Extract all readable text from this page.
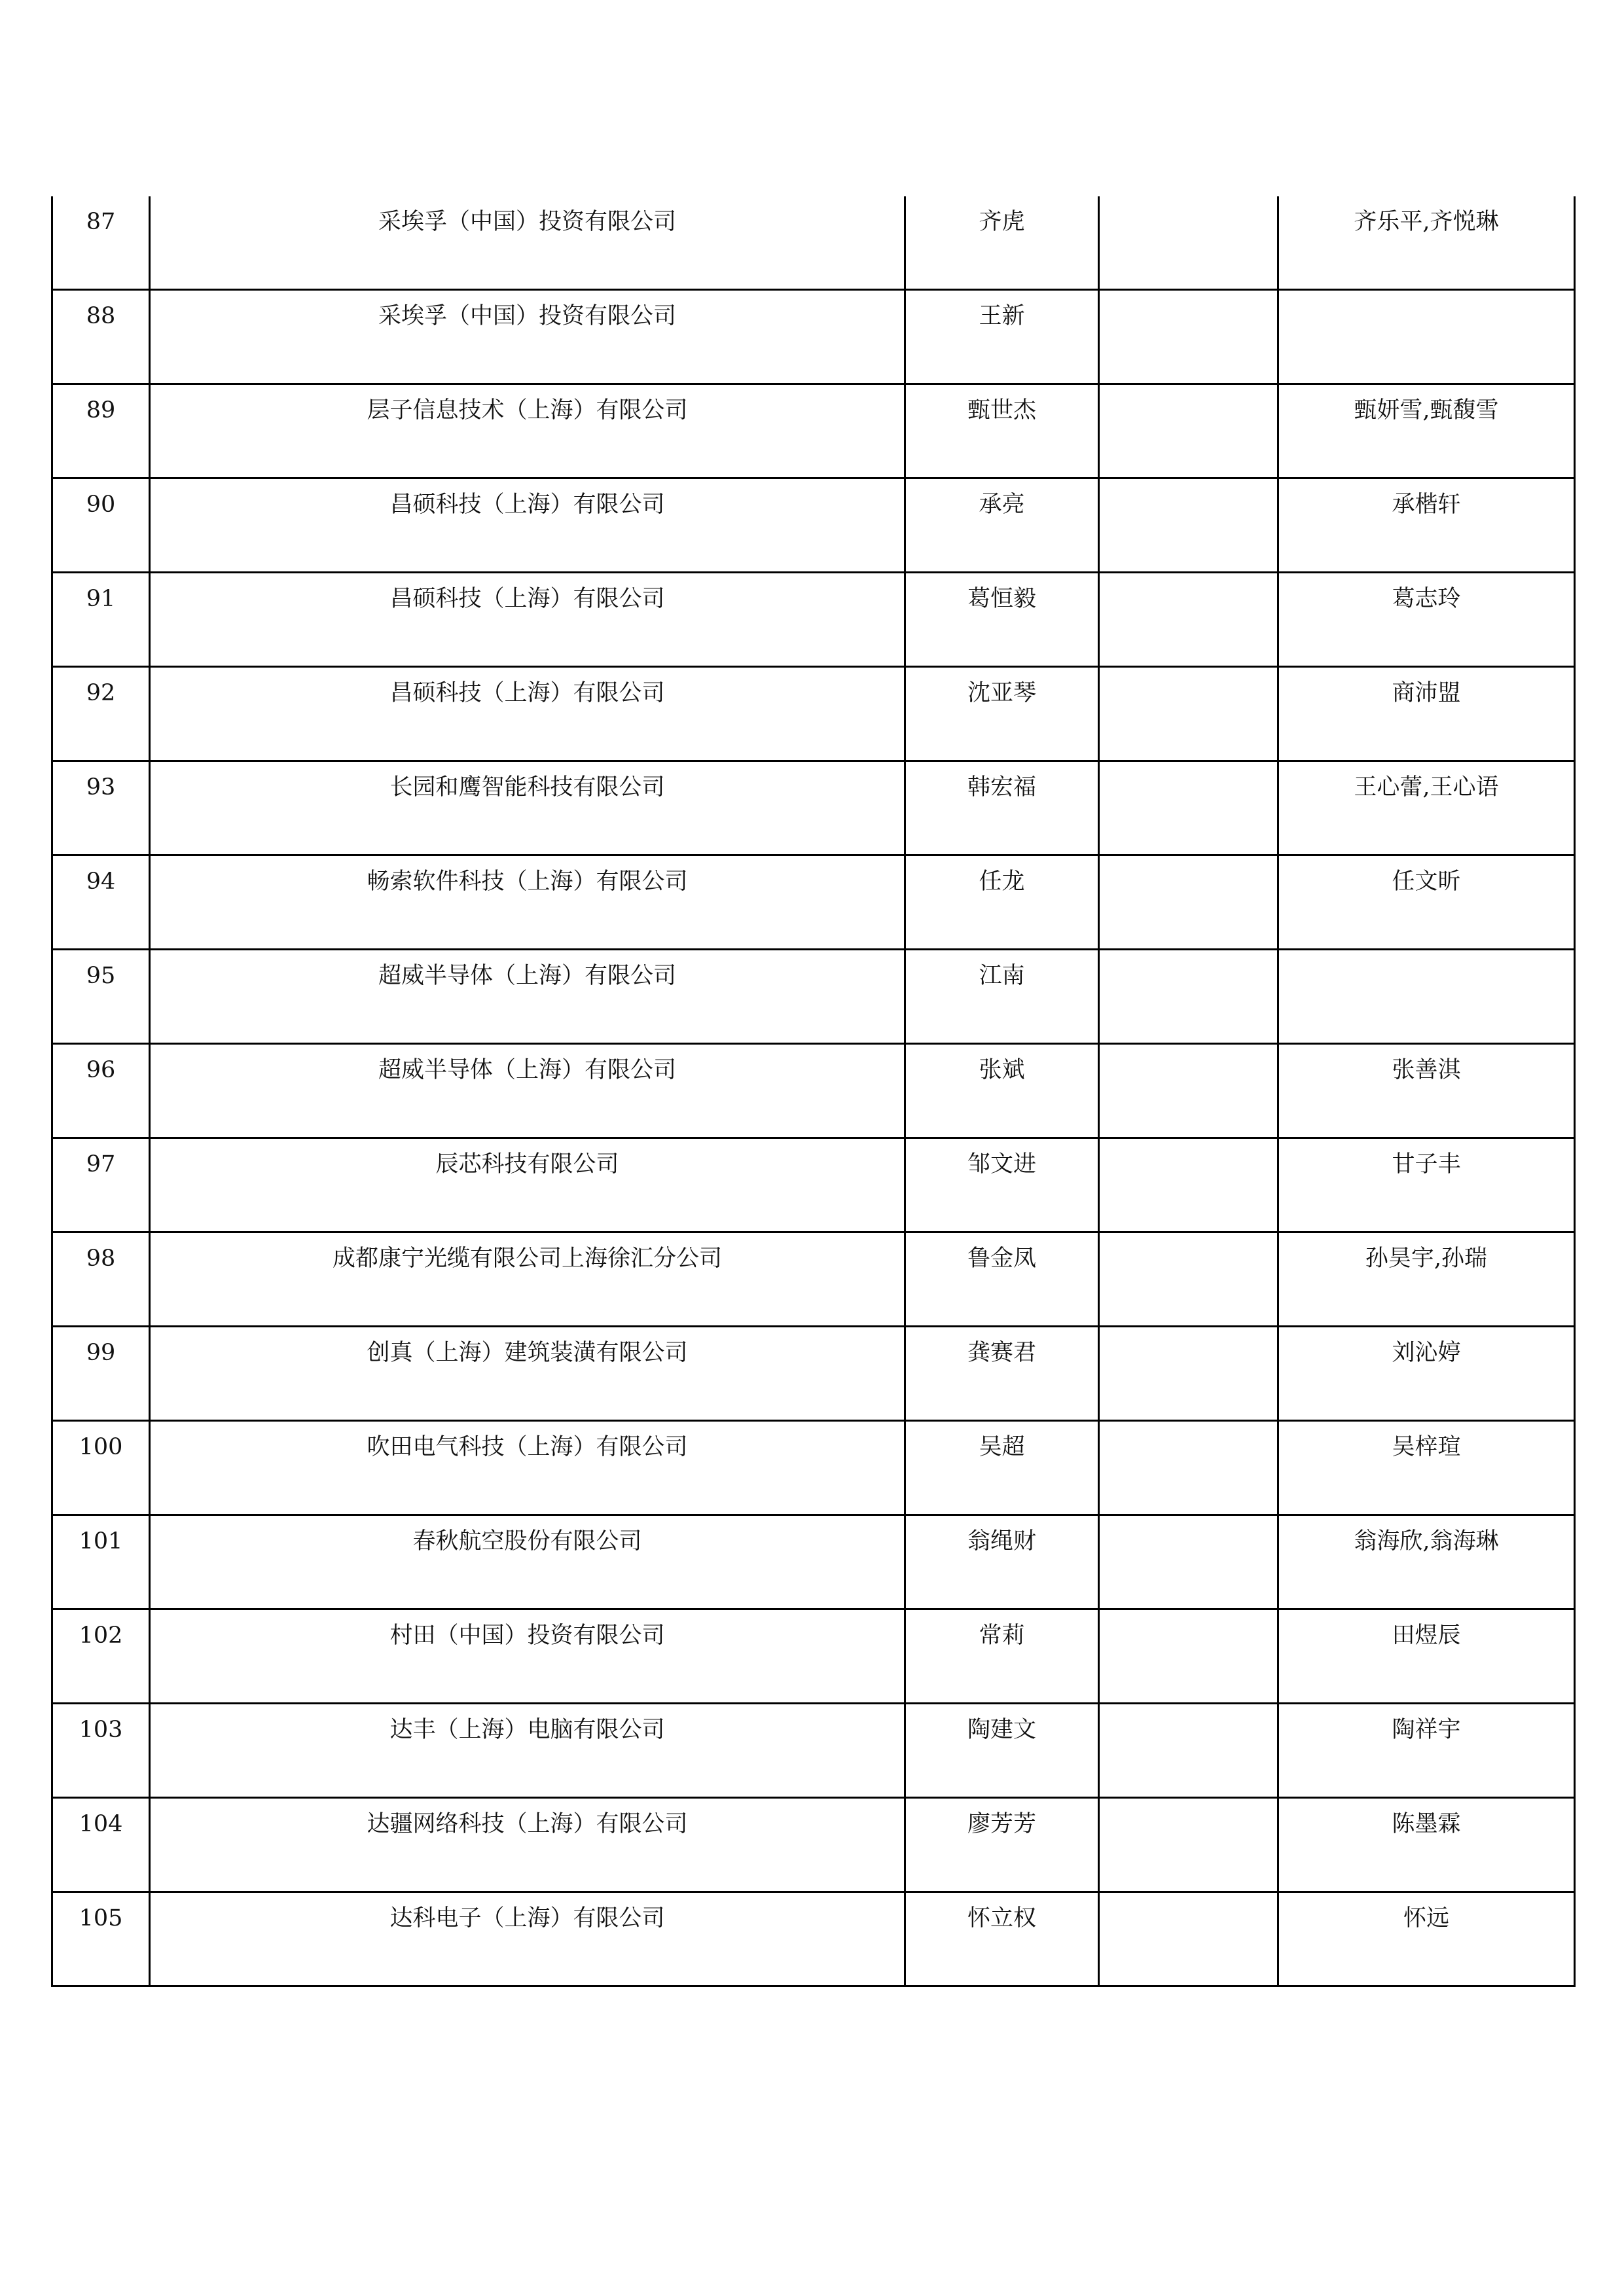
87	采埃孚（中国）投资有限公司	齐虎		齐乐平,齐悦琳

88	采埃孚（中国）投资有限公司	王新		

89	层子信息技术（上海）有限公司	甄世杰		甄妍雪,甄馥雪

90	昌硕科技（上海）有限公司	承亮		承楷轩

91	昌硕科技（上海）有限公司	葛恒毅		葛志玲

92	昌硕科技（上海）有限公司	沈亚琴		商沛盟

93	长园和鹰智能科技有限公司	韩宏福		王心蕾,王心语

94	畅索软件科技（上海）有限公司	任龙		任文昕

95	超威半导体（上海）有限公司	江南		

96	超威半导体（上海）有限公司	张斌		张善淇

97	辰芯科技有限公司	邹文进		甘子丰

98	成都康宁光缆有限公司上海徐汇分公司	鲁金凤		孙昊宇,孙瑞

99	创真（上海）建筑装潢有限公司	龚赛君		刘沁婷

100	吹田电气科技（上海）有限公司	吴超		吴梓瑄

101	春秋航空股份有限公司	翁绳财		翁海欣,翁海琳

102	村田（中国）投资有限公司	常莉		田煜辰

103	达丰（上海）电脑有限公司	陶建文		陶祥宇

104	达疆网络科技（上海）有限公司	廖芳芳		陈墨霖

105	达科电子（上海）有限公司	怀立权		怀远
